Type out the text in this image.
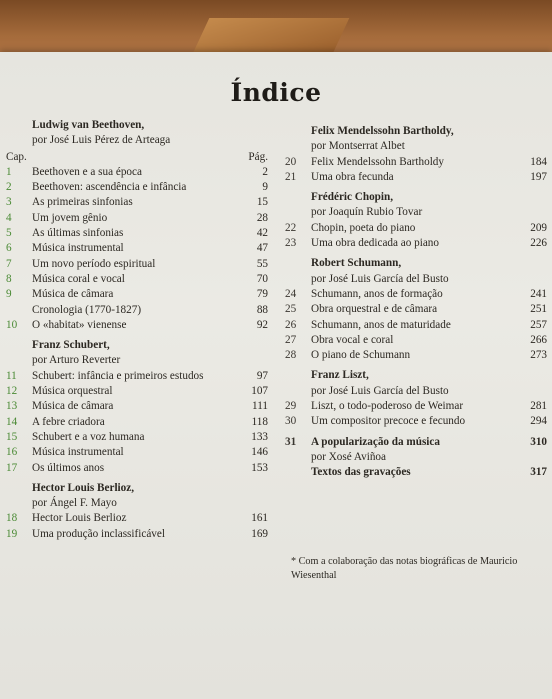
Índice
Ludwig van Beethoven,
por José Luis Pérez de Arteaga
Cap.	Pág.
1	Beethoven e a sua época	2
2	Beethoven: ascendência e infância	9
3	As primeiras sinfonias	15
4	Um jovem gênio	28
5	As últimas sinfonias	42
6	Música instrumental	47
7	Um novo período espiritual	55
8	Música coral e vocal	70
9	Música de câmara	79
Cronologia (1770-1827)	88
10	O «habitat» vienense	92
Franz Schubert,
por Arturo Reverter
11	Schubert: infância e primeiros estudos	97
12	Música orquestral	107
13	Música de câmara	111
14	A febre criadora	118
15	Schubert e a voz humana	133
16	Música instrumental	146
17	Os últimos anos	153
Hector Louis Berlioz,
por Ángel F. Mayo
18	Hector Louis Berlioz	161
19	Uma produção inclassificável	169
Felix Mendelssohn Bartholdy,
por Montserrat Albet
20	Felix Mendelssohn Bartholdy	184
21	Uma obra fecunda	197
Frédéric Chopin,
por Joaquín Rubio Tovar
22	Chopin, poeta do piano	209
23	Uma obra dedicada ao piano	226
Robert Schumann,
por José Luis García del Busto
24	Schumann, anos de formação	241
25	Obra orquestral e de câmara	251
26	Schumann, anos de maturidade	257
27	Obra vocal e coral	266
28	O piano de Schumann	273
Franz Liszt,
por José Luis García del Busto
29	Liszt, o todo-poderoso de Weimar	281
30	Um compositor precoce e fecundo	294
31	A popularização da música	310
por Xosé Aviñoa
Textos das gravações	317
* Com a colaboração das notas biográficas de Mauricio Wiesenthal
